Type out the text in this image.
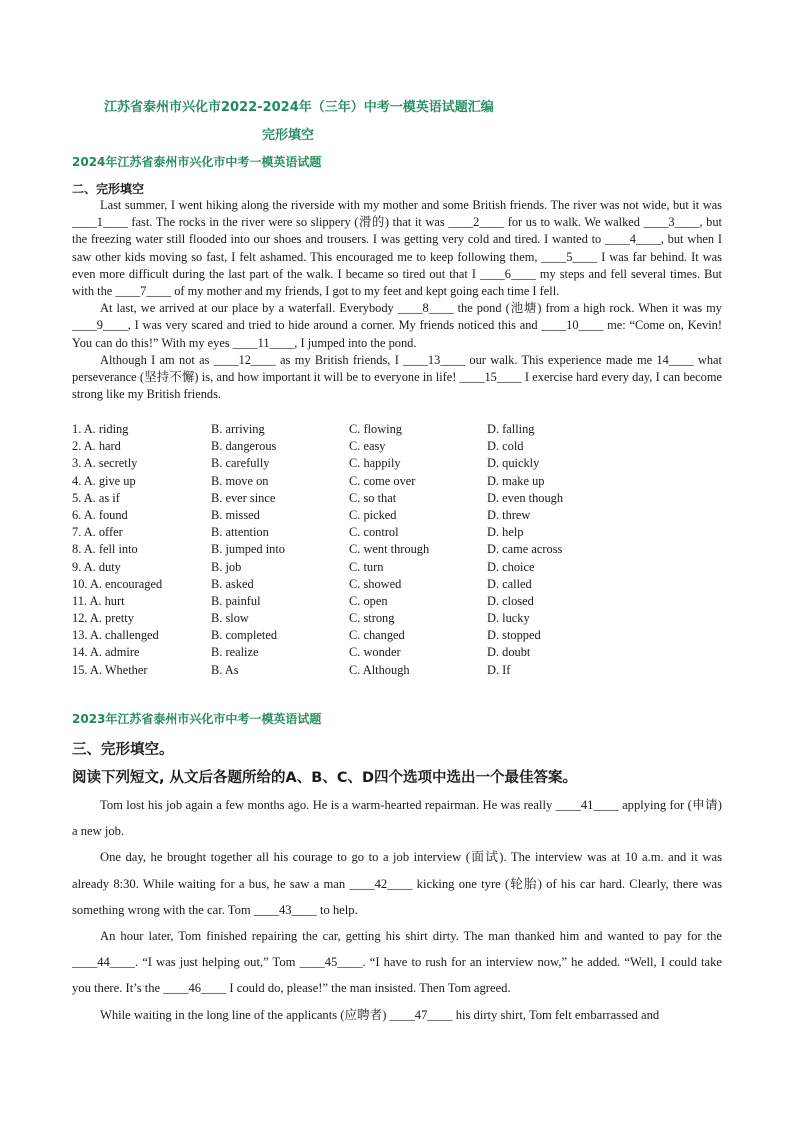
江苏省泰州市兴化市2022-2024年（三年）中考一模英语试题汇编
完形填空
2024年江苏省泰州市兴化市中考一模英语试题
二、完形填空

Last summer, I went hiking along the riverside with my mother and some British friends. The river was not wide, but it was ____1____ fast. The rocks in the river were so slippery (滑的) that it was ____2____ for us to walk. We walked ____3____, but the freezing water still flooded into our shoes and trousers. I was getting very cold and tired. I wanted to ____4____, but when I saw other kids moving so fast, I felt ashamed. This encouraged me to keep following them, ____5____ I was far behind. It was even more difficult during the last part of the walk. I became so tired out that I ____6____ my steps and fell several times. But with the ____7____ of my mother and my friends, I got to my feet and kept going each time I fell.

At last, we arrived at our place by a waterfall. Everybody ____8____ the pond (池塘) from a high rock. When it was my ____9____, I was very scared and tried to hide around a corner. My friends noticed this and ____10____ me: “Come on, Kevin! You can do this!” With my eyes ____11____, I jumped into the pond.

Although I am not as ____12____ as my British friends, I ____13____ our walk. This experience made me 14____ what perseverance (坚持不懈) is, and how important it will be to everyone in life! ____15____ I exercise hard every day, I can become strong like my British friends.

1. A. riding	B. arriving	C. flowing	D. falling
2. A. hard	B. dangerous	C. easy	D. cold
3. A. secretly	B. carefully	C. happily	D. quickly
4. A. give up	B. move on	C. come over	D. make up
5. A. as if	B. ever since	C. so that	D. even though
6. A. found	B. missed	C. picked	D. threw
7. A. offer	B. attention	C. control	D. help
8. A. fell into	B. jumped into	C. went through	D. came across
9. A. duty	B. job	C. turn	D. choice
10. A. encouraged	B. asked	C. showed	D. called
11. A. hurt	B. painful	C. open	D. closed
12. A. pretty	B. slow	C. strong	D. lucky
13. A. challenged	B. completed	C. changed	D. stopped
14. A. admire	B. realize	C. wonder	D. doubt
15. A. Whether	B. As	C. Although	D. If
2023年江苏省泰州市兴化市中考一模英语试题
三、完形填空。
阅读下列短文, 从文后各题所给的A、B、C、D四个选项中选出一个最佳答案。

Tom lost his job again a few months ago. He is a warm-hearted repairman. He was really ____41____ applying for (申请) a new job.

One day, he brought together all his courage to go to a job interview (面试). The interview was at 10 a.m. and it was already 8:30. While waiting for a bus, he saw a man ____42____ kicking one tyre (轮胎) of his car hard. Clearly, there was something wrong with the car. Tom ____43____ to help.

An hour later, Tom finished repairing the car, getting his shirt dirty. The man thanked him and wanted to pay for the ____44____. “I was just helping out,” Tom ____45____. “I have to rush for an interview now,” he added. “Well, I could take you there. It’s the ____46____ I could do, please!” the man insisted. Then Tom agreed.

While waiting in the long line of the applicants (应聘者) ____47____ his dirty shirt, Tom felt embarrassed and
